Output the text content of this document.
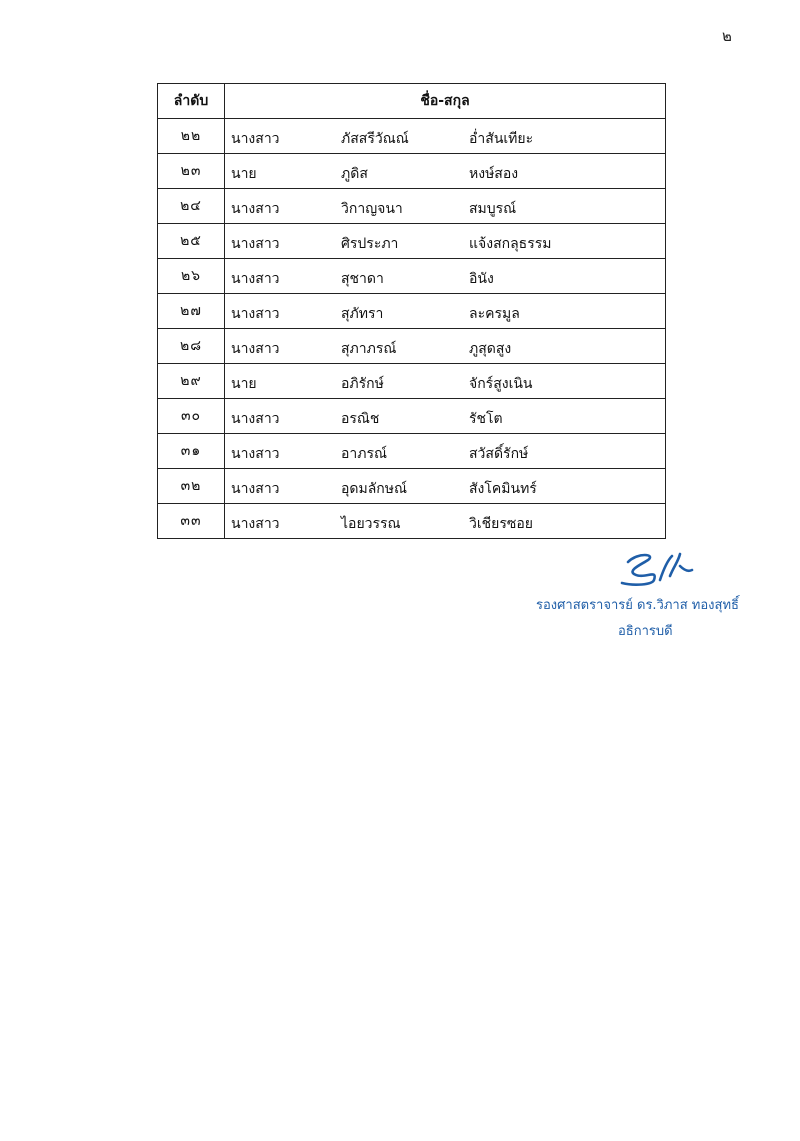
๒
ลำดับ	ชื่อ-สกุล
๒๒	นางสาว ภัสสรีวัณณ์ อ่ำสันเทียะ

๒๓	นาย ภูดิส หงษ์สอง

๒๔	นางสาว วิกาญจนา สมบูรณ์

๒๕	นางสาว ศิรประภา แจ้งสกลุธรรม

๒๖	นางสาว สุชาดา อินัง

๒๗	นางสาว สุภัทรา ละครมูล

๒๘	นางสาว สุภาภรณ์ ภูสุดสูง

๒๙	นาย อภิรักษ์ จักร์สูงเนิน

๓๐	นางสาว อรณิช รัชโต

๓๑	นางสาว อาภรณ์ สวัสดิ์รักษ์

๓๒	นางสาว อุดมลักษณ์ สังโคมินทร์

๓๓	นางสาว ไอยวรรณ วิเชียรซอย
รองศาสตราจารย์ ดร.วิภาส ทองสุทธิ์
อธิการบดี
